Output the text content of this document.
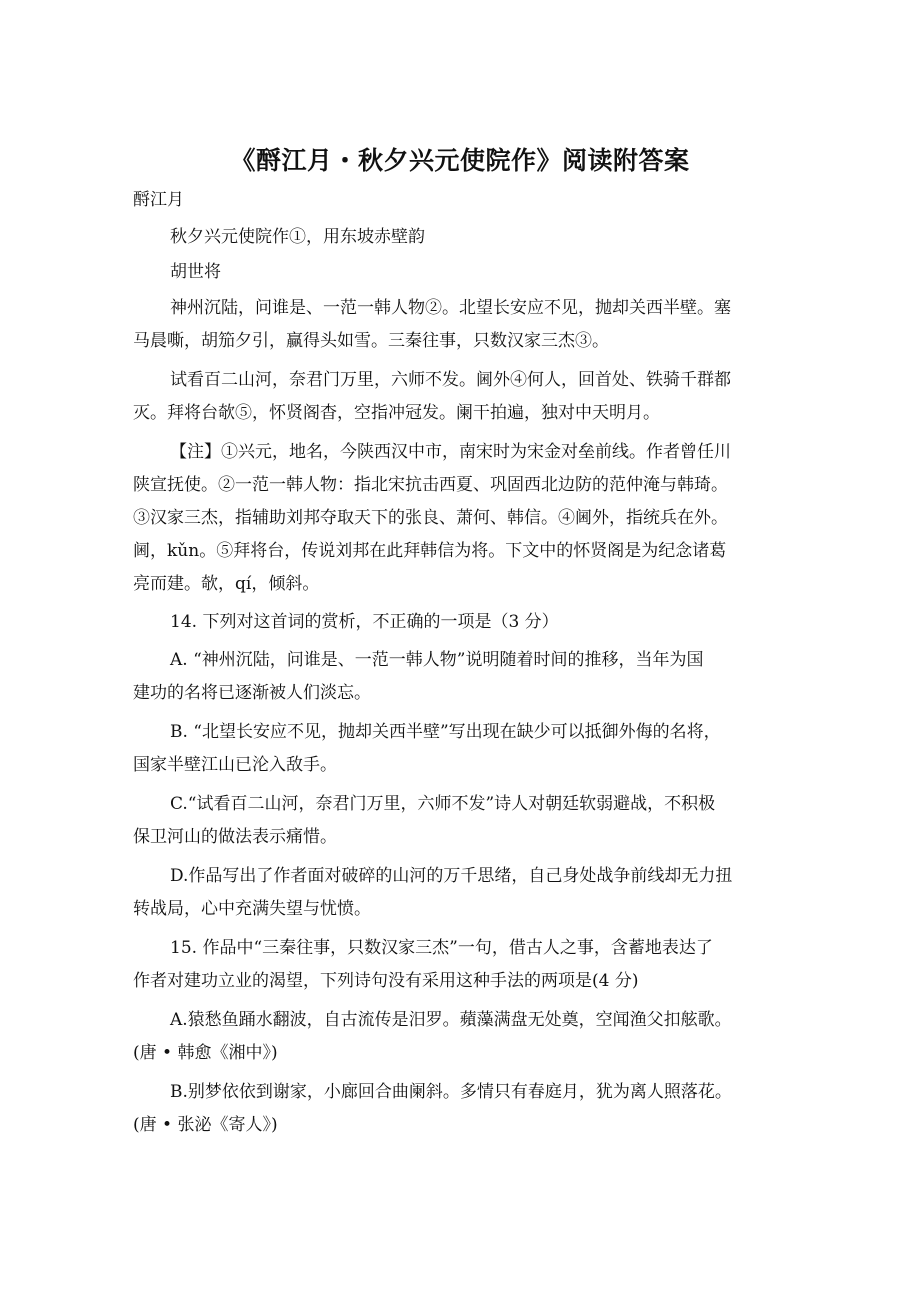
《酹江月・秋夕兴元使院作》阅读附答案
酹江月
秋夕兴元使院作①，用东坡赤壁韵
胡世将
神州沉陆，问谁是、一范一韩人物②。北望长安应不见，抛却关西半壁。塞
马晨嘶，胡笳夕引，赢得头如雪。三秦往事，只数汉家三杰③。
试看百二山河，奈君门万里，六师不发。阃外④何人，回首处、铁骑千群都
灭。拜将台欹⑤，怀贤阁杳，空指冲冠发。阑干拍遍，独对中天明月。
【注】①兴元，地名，今陕西汉中市，南宋时为宋金对垒前线。作者曾任川
陕宣抚使。②一范一韩人物：指北宋抗击西夏、巩固西北边防的范仲淹与韩琦。
③汉家三杰，指辅助刘邦夺取天下的张良、萧何、韩信。④阃外，指统兵在外。
阃，kǔn。⑤拜将台，传说刘邦在此拜韩信为将。下文中的怀贤阁是为纪念诸葛
亮而建。欹，qí，倾斜。
14. 下列对这首词的赏析，不正确的一项是（3 分）
A. “神州沉陆，问谁是、一范一韩人物”说明随着时间的推移，当年为国
建功的名将已逐渐被人们淡忘。
B. “北望长安应不见，抛却关西半壁”写出现在缺少可以抵御外侮的名将，
国家半壁江山已沦入敌手。
C.“试看百二山河，奈君门万里，六师不发”诗人对朝廷软弱避战，不积极
保卫河山的做法表示痛惜。
D.作品写出了作者面对破碎的山河的万千思绪，自己身处战争前线却无力扭
转战局，心中充满失望与忧愤。
15. 作品中“三秦往事，只数汉家三杰”一句，借古人之事，含蓄地表达了
作者对建功立业的渴望，下列诗句没有采用这种手法的两项是(4 分)
A.猿愁鱼踊水翻波，自古流传是汨罗。蘋藻满盘无处奠，空闻渔父扣舷歌。
(唐 • 韩愈《湘中》)
B.别梦依依到谢家，小廊回合曲阑斜。多情只有春庭月，犹为离人照落花。
(唐 • 张泌《寄人》)
